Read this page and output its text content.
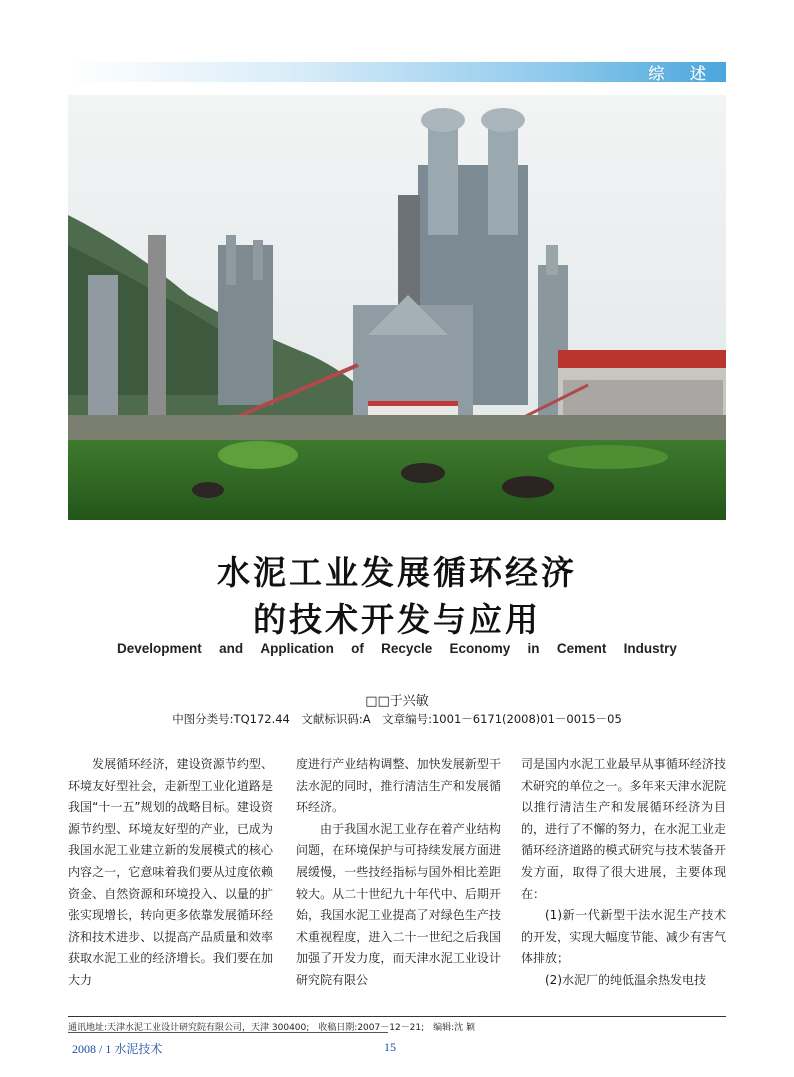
综 述
水泥工业发展循环经济
的技术开发与应用
Development and Application of Recycle Economy in Cement Industry
□□于兴敏
中图分类号:TQ172.44　文献标识码:A　文章编号:1001－6171(2008)01－0015－05

发展循环经济，建设资源节约型、环境友好型社会，走新型工业化道路是我国“十一五”规划的战略目标。建设资源节约型、环境友好型的产业，已成为我国水泥工业建立新的发展模式的核心内容之一，它意味着我们要从过度依赖资金、自然资源和环境投入、以量的扩张实现增长，转向更多依靠发展循环经济和技术进步、以提高产品质量和效率获取水泥工业的经济增长。我们要在加大力

度进行产业结构调整、加快发展新型干法水泥的同时，推行清洁生产和发展循环经济。

由于我国水泥工业存在着产业结构问题，在环境保护与可持续发展方面进展缓慢，一些技经指标与国外相比差距较大。从二十世纪九十年代中、后期开始，我国水泥工业提高了对绿色生产技术重视程度，进入二十一世纪之后我国加强了开发力度，而天津水泥工业设计研究院有限公

司是国内水泥工业最早从事循环经济技术研究的单位之一。多年来天津水泥院以推行清洁生产和发展循环经济为目的，进行了不懈的努力，在水泥工业走循环经济道路的模式研究与技术装备开发方面，取得了很大进展，主要体现在：

(1)新一代新型干法水泥生产技术的开发，实现大幅度节能、减少有害气体排放；

(2)水泥厂的纯低温余热发电技

通讯地址:天津水泥工业设计研究院有限公司，天津 300400;　收稿日期:2007－12－21;　编辑:沈 颖
2008 / 1 水泥技术	15
